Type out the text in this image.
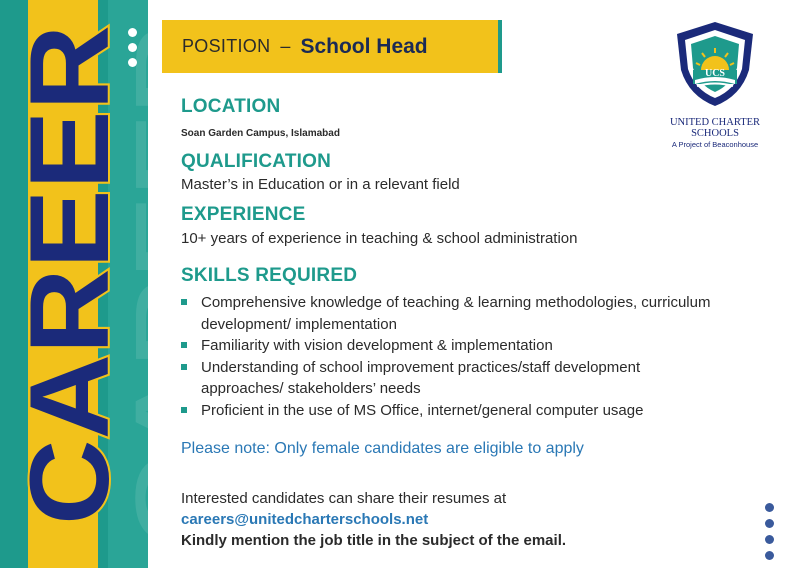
CAREER
CAREER
POSITION – School Head
UCS
UNITED CHARTER
SCHOOLS
A Project of Beaconhouse
LOCATION
Soan Garden Campus, Islamabad
QUALIFICATION
Master’s in Education or in a relevant field
EXPERIENCE
10+ years of experience in teaching & school administration
SKILLS REQUIRED
Comprehensive knowledge of teaching & learning methodologies, curriculum development/ implementation
Familiarity with vision development & implementation
Understanding of school improvement practices/staff development approaches/ stakeholders’ needs
Proficient in the use of MS Office, internet/general computer usage
Please note: Only female candidates are eligible to apply
Interested candidates can share their resumes at
careers@unitedcharterschools.net
Kindly mention the job title in the subject of the email.
